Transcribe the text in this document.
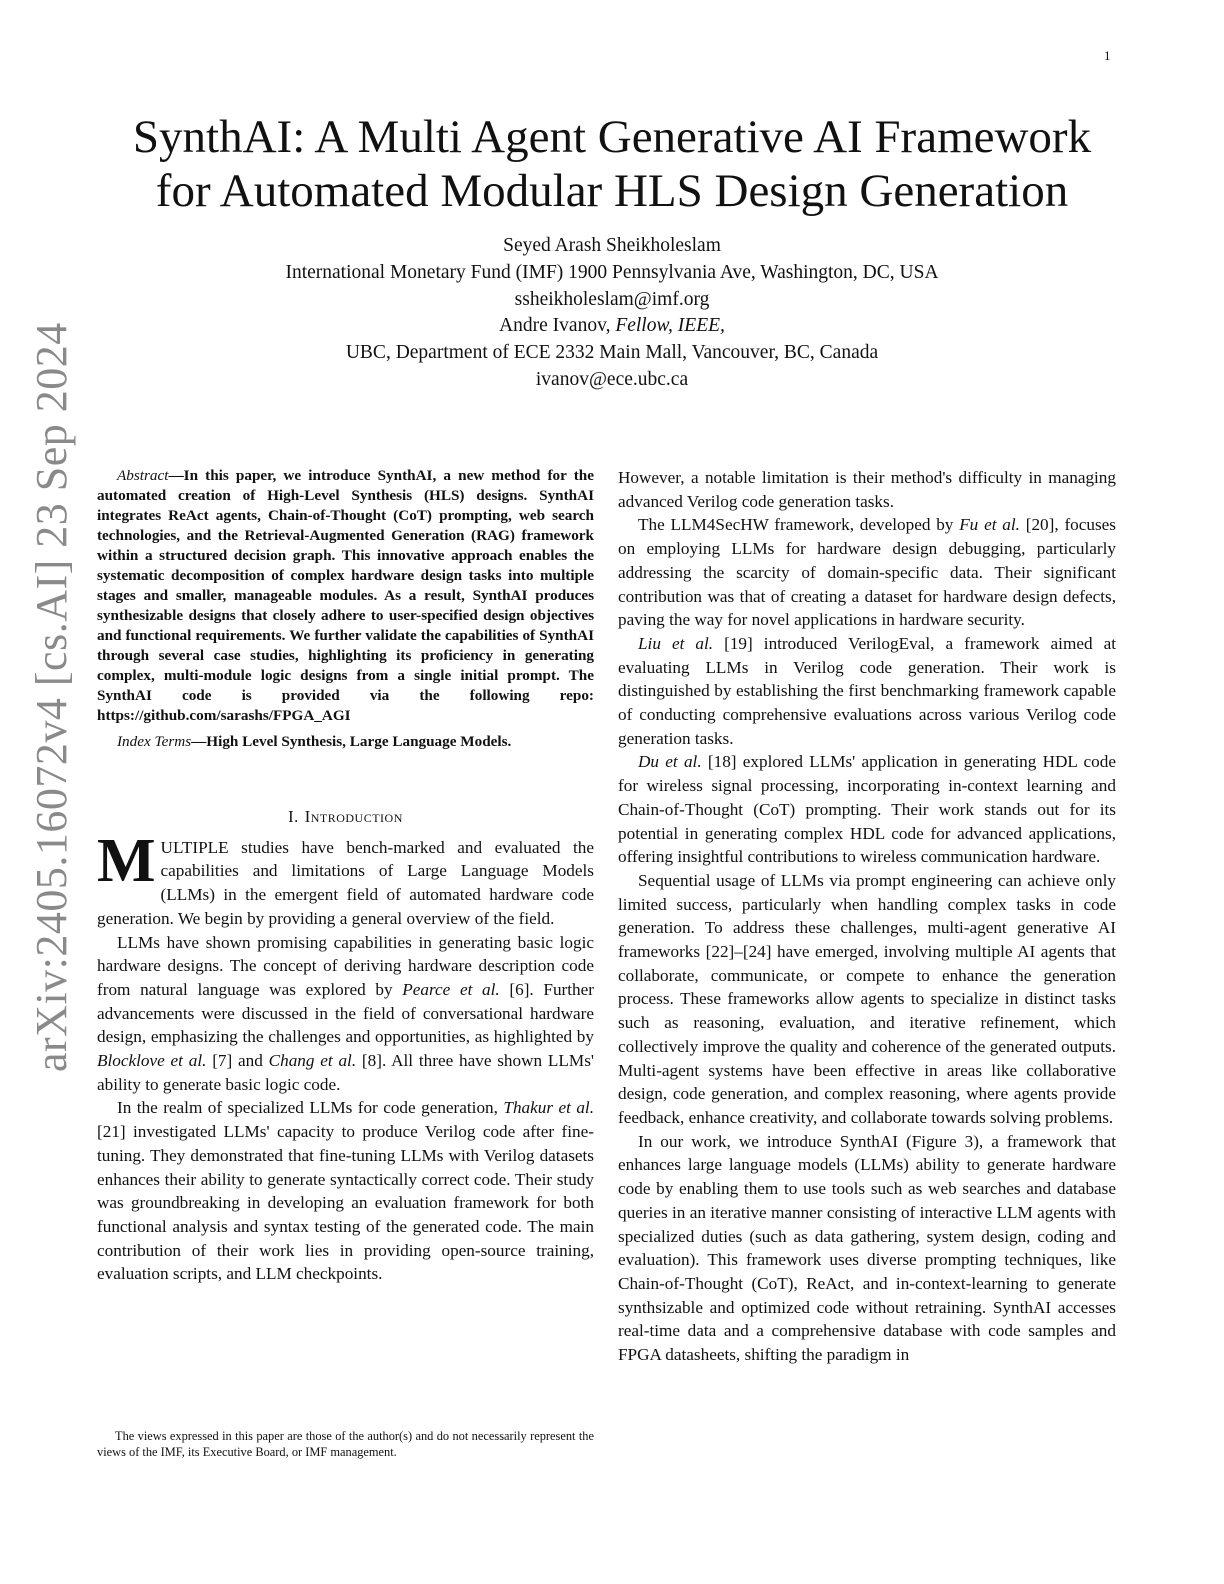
1
arXiv:2405.16072v4 [cs.AI] 23 Sep 2024
SynthAI: A Multi Agent Generative AI Framework
for Automated Modular HLS Design Generation
Seyed Arash Sheikholeslam
International Monetary Fund (IMF) 1900 Pennsylvania Ave, Washington, DC, USA
ssheikholeslam@imf.org
Andre Ivanov, Fellow, IEEE,
UBC, Department of ECE 2332 Main Mall, Vancouver, BC, Canada
ivanov@ece.ubc.ca

Abstract—In this paper, we introduce SynthAI, a new method for the automated creation of High-Level Synthesis (HLS) designs. SynthAI integrates ReAct agents, Chain-of-Thought (CoT) prompting, web search technologies, and the Retrieval-Augmented Generation (RAG) framework within a structured decision graph. This innovative approach enables the systematic decomposition of complex hardware design tasks into multiple stages and smaller, manageable modules. As a result, SynthAI produces synthesizable designs that closely adhere to user-specified design objectives and functional requirements. We further validate the capabilities of SynthAI through several case studies, highlighting its proficiency in generating complex, multi-module logic designs from a single initial prompt. The SynthAI code is provided via the following repo: https://github.com/sarashs/FPGA_AGI

Index Terms—High Level Synthesis, Large Language Models.

I. Introduction

MULTIPLE studies have bench-marked and evaluated the capabilities and limitations of Large Language Models (LLMs) in the emergent field of automated hardware code generation. We begin by providing a general overview of the field.

LLMs have shown promising capabilities in generating basic logic hardware designs. The concept of deriving hardware description code from natural language was explored by Pearce et al. [6]. Further advancements were discussed in the field of conversational hardware design, emphasizing the challenges and opportunities, as highlighted by Blocklove et al. [7] and Chang et al. [8]. All three have shown LLMs' ability to generate basic logic code.

In the realm of specialized LLMs for code generation, Thakur et al. [21] investigated LLMs' capacity to produce Verilog code after fine-tuning. They demonstrated that fine-tuning LLMs with Verilog datasets enhances their ability to generate syntactically correct code. Their study was groundbreaking in developing an evaluation framework for both functional analysis and syntax testing of the generated code. The main contribution of their work lies in providing open-source training, evaluation scripts, and LLM checkpoints.

The views expressed in this paper are those of the author(s) and do not necessarily represent the views of the IMF, its Executive Board, or IMF management.

However, a notable limitation is their method's difficulty in managing advanced Verilog code generation tasks.

The LLM4SecHW framework, developed by Fu et al. [20], focuses on employing LLMs for hardware design debugging, particularly addressing the scarcity of domain-specific data. Their significant contribution was that of creating a dataset for hardware design defects, paving the way for novel applications in hardware security.

Liu et al. [19] introduced VerilogEval, a framework aimed at evaluating LLMs in Verilog code generation. Their work is distinguished by establishing the first benchmarking framework capable of conducting comprehensive evaluations across various Verilog code generation tasks.

Du et al. [18] explored LLMs' application in generating HDL code for wireless signal processing, incorporating in-context learning and Chain-of-Thought (CoT) prompting. Their work stands out for its potential in generating complex HDL code for advanced applications, offering insightful contributions to wireless communication hardware.

Sequential usage of LLMs via prompt engineering can achieve only limited success, particularly when handling complex tasks in code generation. To address these challenges, multi-agent generative AI frameworks [22]–[24] have emerged, involving multiple AI agents that collaborate, communicate, or compete to enhance the generation process. These frameworks allow agents to specialize in distinct tasks such as reasoning, evaluation, and iterative refinement, which collectively improve the quality and coherence of the generated outputs. Multi-agent systems have been effective in areas like collaborative design, code generation, and complex reasoning, where agents provide feedback, enhance creativity, and collaborate towards solving problems.

In our work, we introduce SynthAI (Figure 3), a framework that enhances large language models (LLMs) ability to generate hardware code by enabling them to use tools such as web searches and database queries in an iterative manner consisting of interactive LLM agents with specialized duties (such as data gathering, system design, coding and evaluation). This framework uses diverse prompting techniques, like Chain-of-Thought (CoT), ReAct, and in-context-learning to generate synthsizable and optimized code without retraining. SynthAI accesses real-time data and a comprehensive database with code samples and FPGA datasheets, shifting the paradigm in
